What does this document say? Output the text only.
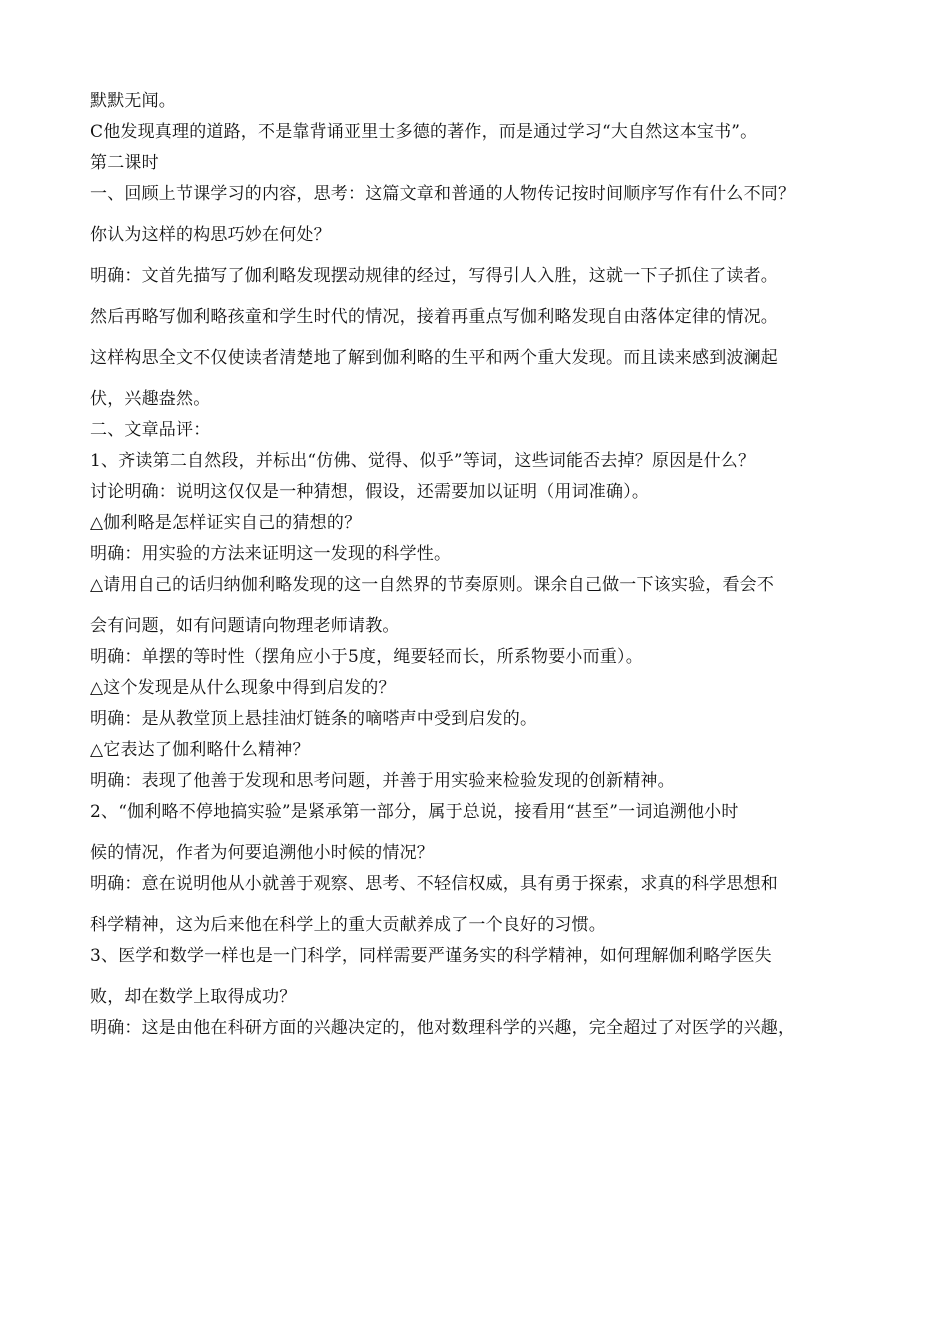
默默无闻。
C他发现真理的道路，不是靠背诵亚里士多德的著作，而是通过学习“大自然这本宝书”。
第二课时
一、回顾上节课学习的内容，思考：这篇文章和普通的人物传记按时间顺序写作有什么不同？
你认为这样的构思巧妙在何处？
明确：文首先描写了伽利略发现摆动规律的经过，写得引人入胜，这就一下子抓住了读者。
然后再略写伽利略孩童和学生时代的情况，接着再重点写伽利略发现自由落体定律的情况。
这样构思全文不仅使读者清楚地了解到伽利略的生平和两个重大发现。而且读来感到波澜起
伏，兴趣盎然。
二、文章品评：
1、齐读第二自然段，并标出“仿佛、觉得、似乎”等词，这些词能否去掉？原因是什么？
讨论明确：说明这仅仅是一种猜想，假设，还需要加以证明（用词准确）。
△伽利略是怎样证实自己的猜想的？
明确：用实验的方法来证明这一发现的科学性。
△请用自己的话归纳伽利略发现的这一自然界的节奏原则。课余自己做一下该实验，看会不
会有问题，如有问题请向物理老师请教。
明确：单摆的等时性（摆角应小于5度，绳要轻而长，所系物要小而重）。
△这个发现是从什么现象中得到启发的？
明确：是从教堂顶上悬挂油灯链条的嘀嗒声中受到启发的。
△它表达了伽利略什么精神？
明确：表现了他善于发现和思考问题，并善于用实验来检验发现的创新精神。
2、“伽利略不停地搞实验”是紧承第一部分，属于总说，接看用“甚至”一词追溯他小时
候的情况，作者为何要追溯他小时候的情况？
明确：意在说明他从小就善于观察、思考、不轻信权威，具有勇于探索，求真的科学思想和
科学精神，这为后来他在科学上的重大贡献养成了一个良好的习惯。
3、医学和数学一样也是一门科学，同样需要严谨务实的科学精神，如何理解伽利略学医失
败，却在数学上取得成功？
明确：这是由他在科研方面的兴趣决定的，他对数理科学的兴趣，完全超过了对医学的兴趣，
